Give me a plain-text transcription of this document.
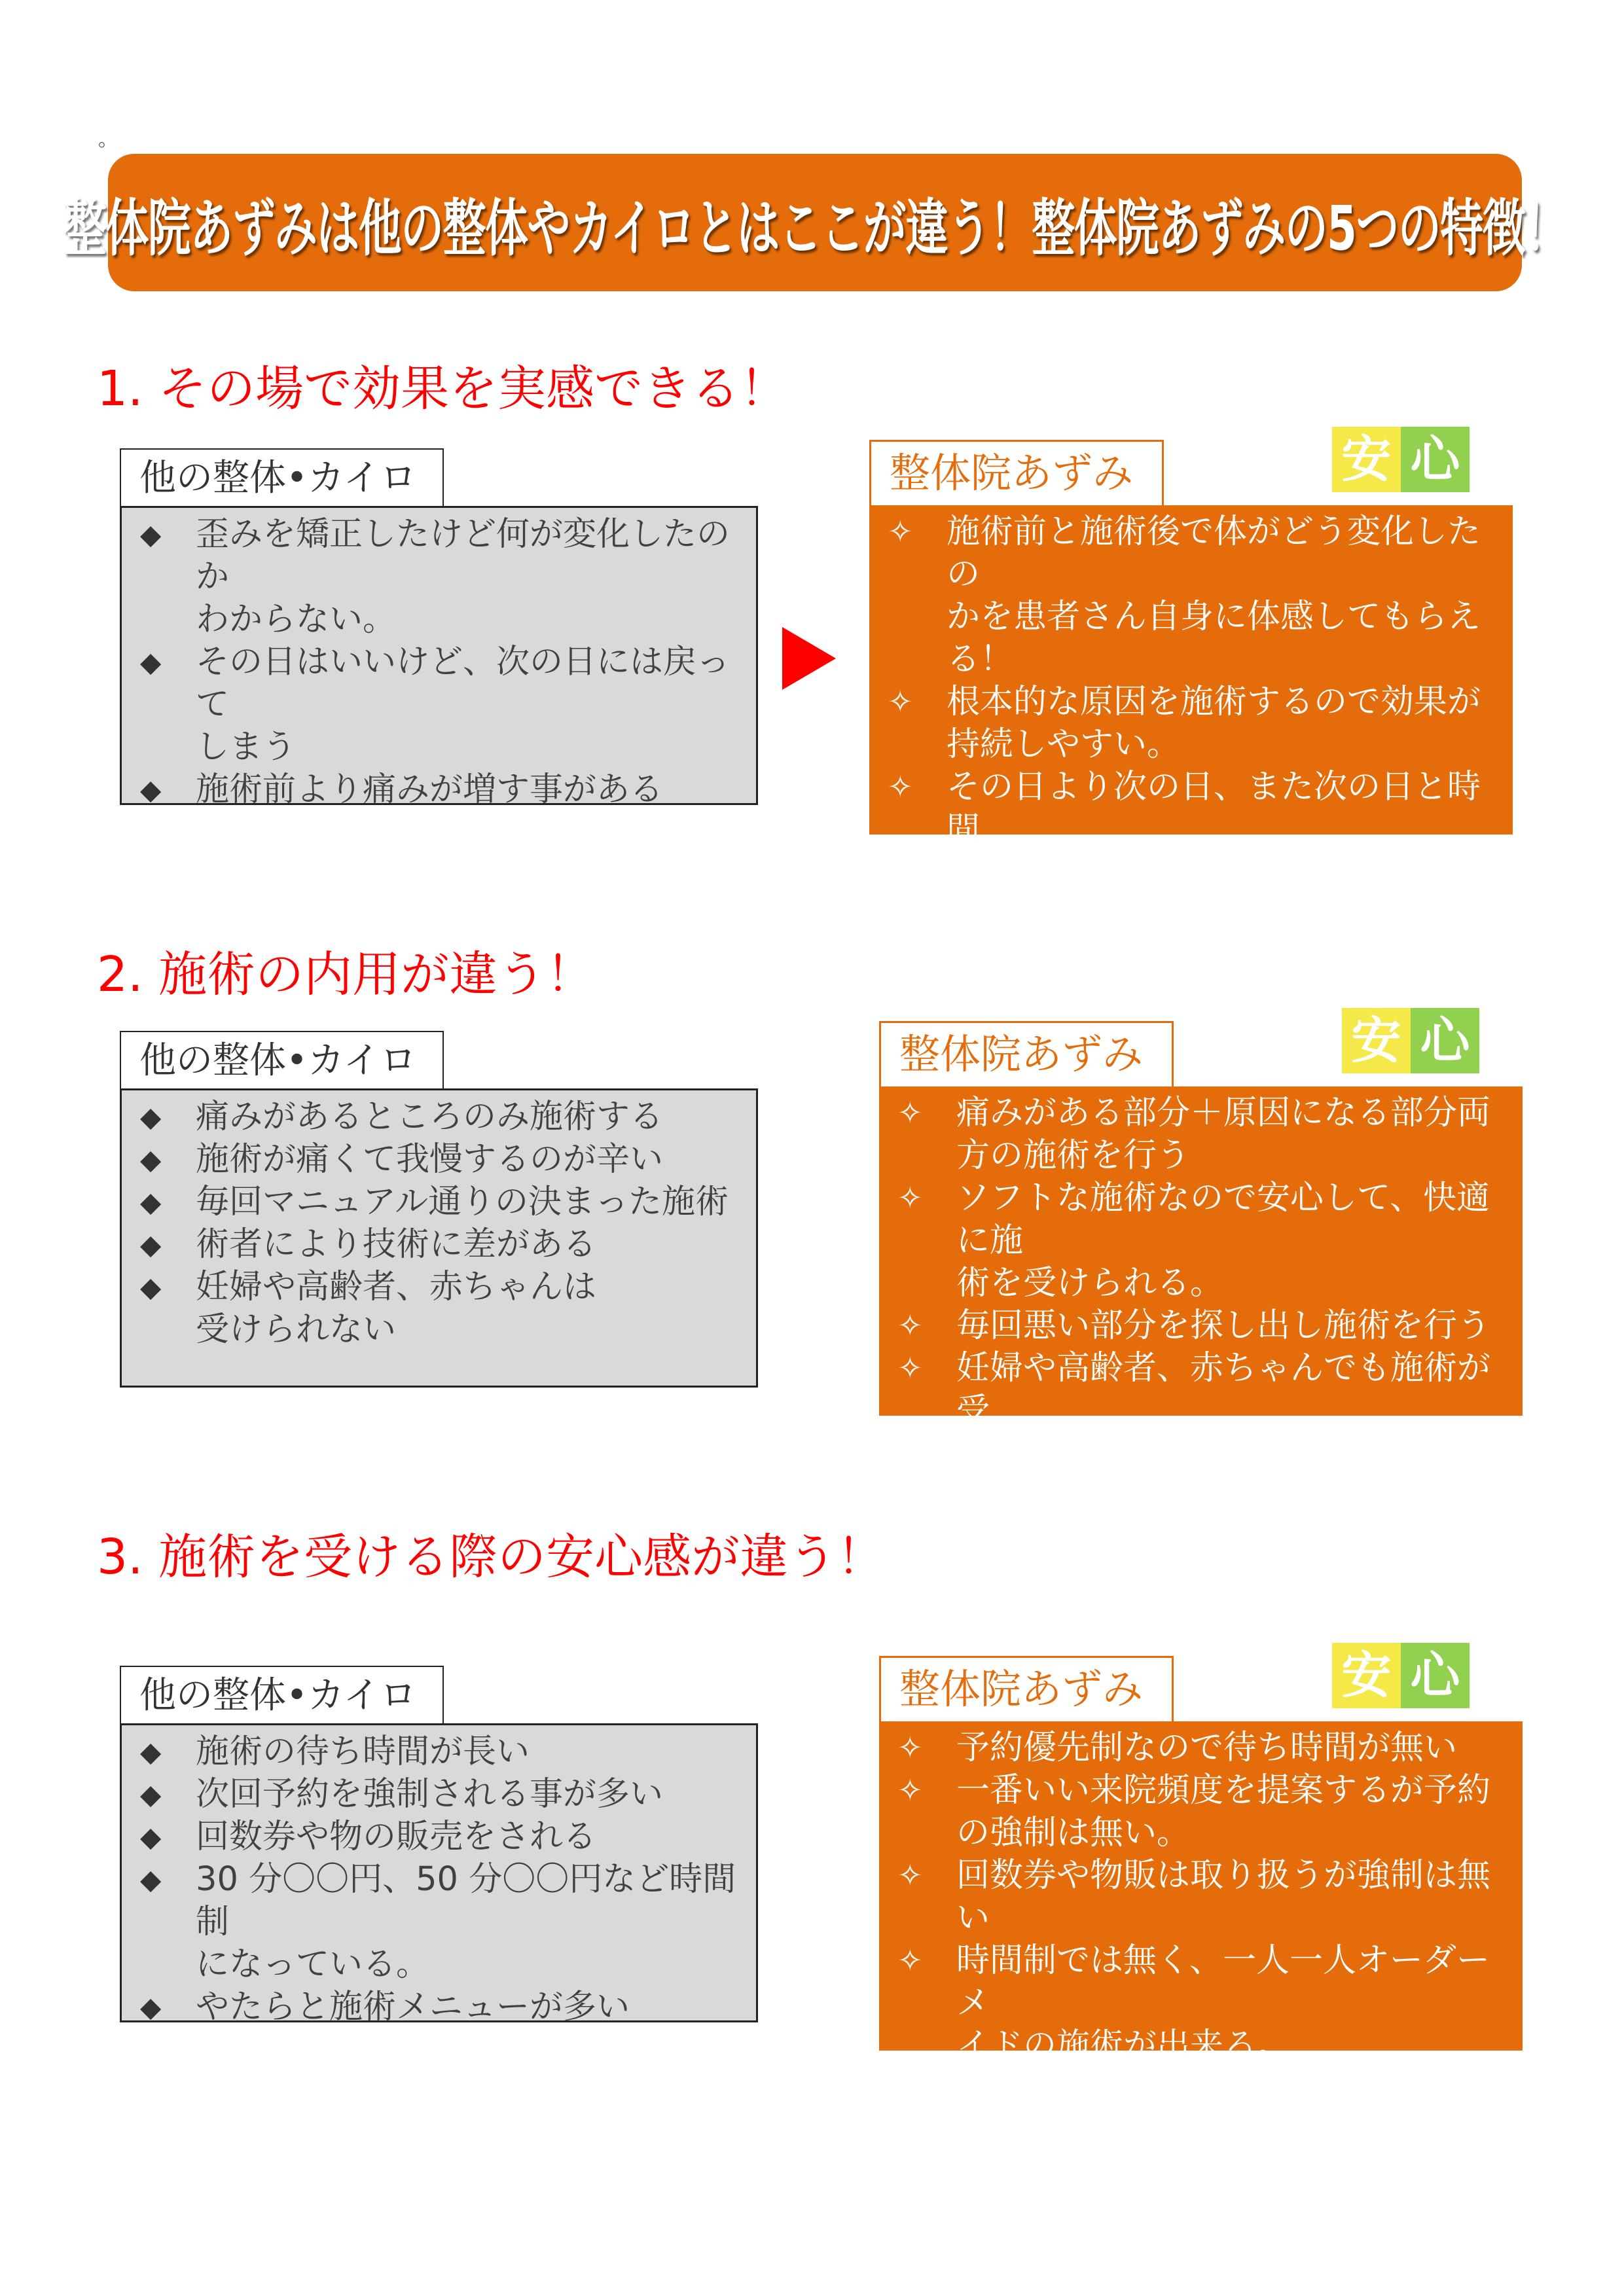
。
整体院あずみは他の整体やカイロとはここが違う！整体院あずみの5つの特徴！
1. その場で効果を実感できる！
他の整体•カイロ
◆ 歪みを矯正したけど何が変化したのか
わからない。
◆ その日はいいけど、次の日には戻って
しまう
◆ 施術前より痛みが増す事がある
整体院あずみ	安 心
✧ 施術前と施術後で体がどう変化したの
かを患者さん自身に体感してもらえ
る！
✧ 根本的な原因を施術するので効果が
持続しやすい。
✧ その日より次の日、また次の日と時間
がたつにつれ体調が良くなる。
2. 施術の内用が違う！
他の整体•カイロ
◆ 痛みがあるところのみ施術する
◆ 施術が痛くて我慢するのが辛い
◆ 毎回マニュアル通りの決まった施術
◆ 術者により技術に差がある
◆ 妊婦や高齢者、赤ちゃんは
受けられない
整体院あずみ	安 心
✧ 痛みがある部分＋原因になる部分両
方の施術を行う
✧ ソフトな施術なので安心して、快適に施
術を受けられる。
✧ 毎回悪い部分を探し出し施術を行う
✧ 妊婦や高齢者、赤ちゃんでも施術が受
けられる。
3. 施術を受ける際の安心感が違う！
他の整体•カイロ
◆ 施術の待ち時間が長い
◆ 次回予約を強制される事が多い
◆ 回数券や物の販売をされる
◆ 30 分〇〇円、50 分〇〇円など時間制
になっている。
◆ やたらと施術メニューが多い
整体院あずみ	安 心
✧ 予約優先制なので待ち時間が無い
✧ 一番いい来院頻度を提案するが予約
の強制は無い。
✧ 回数券や物販は取り扱うが強制は無い
✧ 時間制では無く、一人一人オーダーメ
イドの施術が出来る。
✧ 治療院なのでメニューは治療のみ
